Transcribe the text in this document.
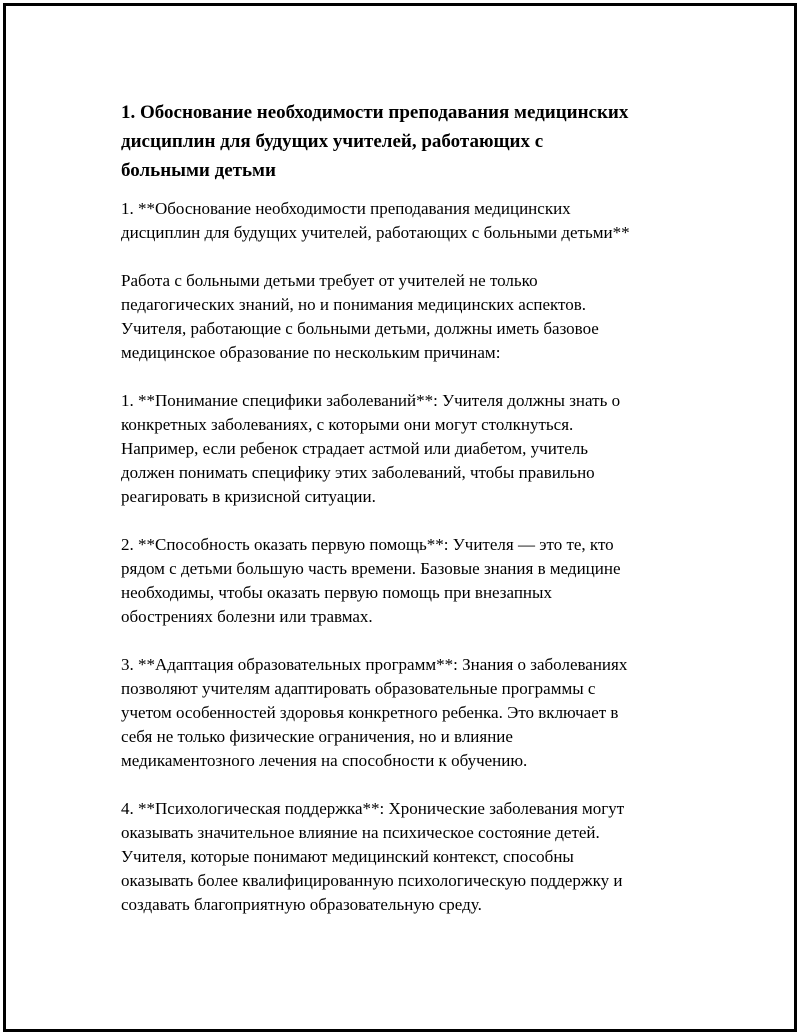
1. Обоснование необходимости преподавания медицинских
дисциплин для будущих учителей, работающих с
больными детьми

1. **Обоснование необходимости преподавания медицинских
дисциплин для будущих учителей, работающих с больными детьми**

Работа с больными детьми требует от учителей не только
педагогических знаний, но и понимания медицинских аспектов.
Учителя, работающие с больными детьми, должны иметь базовое
медицинское образование по нескольким причинам:

1. **Понимание специфики заболеваний**: Учителя должны знать о
конкретных заболеваниях, с которыми они могут столкнуться.
Например, если ребенок страдает астмой или диабетом, учитель
должен понимать специфику этих заболеваний, чтобы правильно
реагировать в кризисной ситуации.

2. **Способность оказать первую помощь**: Учителя — это те, кто
рядом с детьми большую часть времени. Базовые знания в медицине
необходимы, чтобы оказать первую помощь при внезапных
обострениях болезни или травмах.

3. **Адаптация образовательных программ**: Знания о заболеваниях
позволяют учителям адаптировать образовательные программы с
учетом особенностей здоровья конкретного ребенка. Это включает в
себя не только физические ограничения, но и влияние
медикаментозного лечения на способности к обучению.

4. **Психологическая поддержка**: Хронические заболевания могут
оказывать значительное влияние на психическое состояние детей.
Учителя, которые понимают медицинский контекст, способны
оказывать более квалифицированную психологическую поддержку и
создавать благоприятную образовательную среду.
